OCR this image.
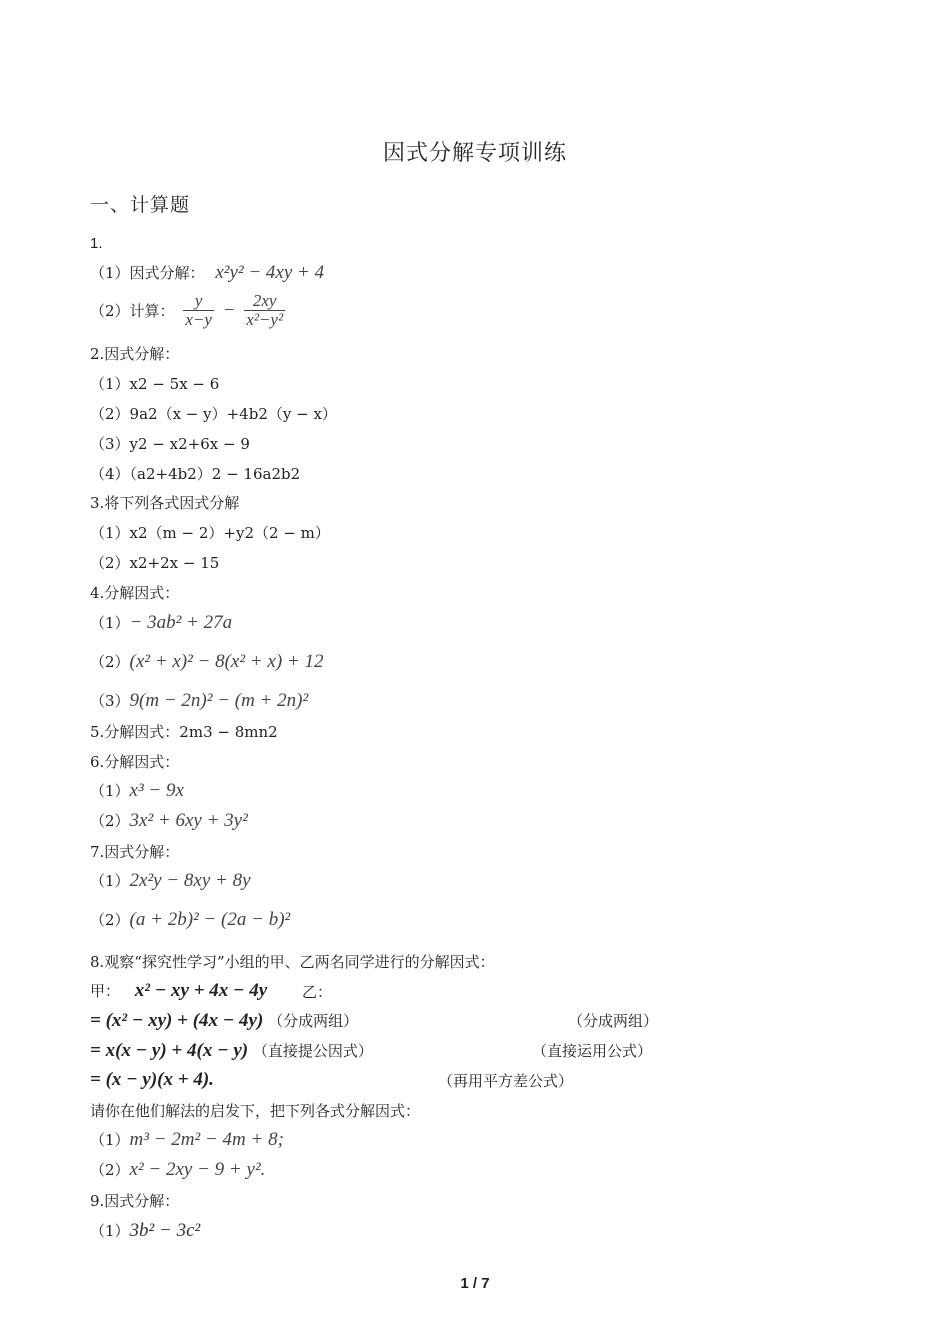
因式分解专项训练
一、计算题
1.
（1）因式分解： x²y² − 4xy + 4
（2）计算： $\frac{y}{x-y} - \frac{2xy}{\text{x²−y²}}$
2.因式分解：
（1）x2 − 5x − 6
（2）9a2（x − y）+4b2（y − x）
（3）y2 − x2+6x − 9
（4）（a2+4b2）2 − 16a2b2
3.将下列各式因式分解
（1）x2（m − 2）+y2（2 − m）
（2）x2+2x − 15
4.分解因式：
（1）− 3ab² + 27a
（2）(x² + x)² − 8(x² + x) + 12
（3）9(m − 2n)² − (m + 2n)²
5.分解因式：2m3 − 8mn2
6.分解因式：
（1）x³ − 9x
（2）3x² + 6xy + 3y²
7.因式分解：
（1）2x²y − 8xy + 8y
（2）(a + 2b)² − (2a − b)²
8.观察“探究性学习”小组的甲、乙两名同学进行的分解因式：
甲： x² − xy + 4x − 4y 乙：
= (x² − xy) + (4x − 4y) （分成两组）	（分成两组）
= x(x − y) + 4(x − y) （直接提公因式）	（直接运用公式）
= (x − y)(x + 4).	（再用平方差公式）
请你在他们解法的启发下，把下列各式分解因式：
（1）m³ − 2m² − 4m + 8;
（2）x² − 2xy − 9 + y².
9.因式分解：
（1）3b² − 3c²
1 / 7
